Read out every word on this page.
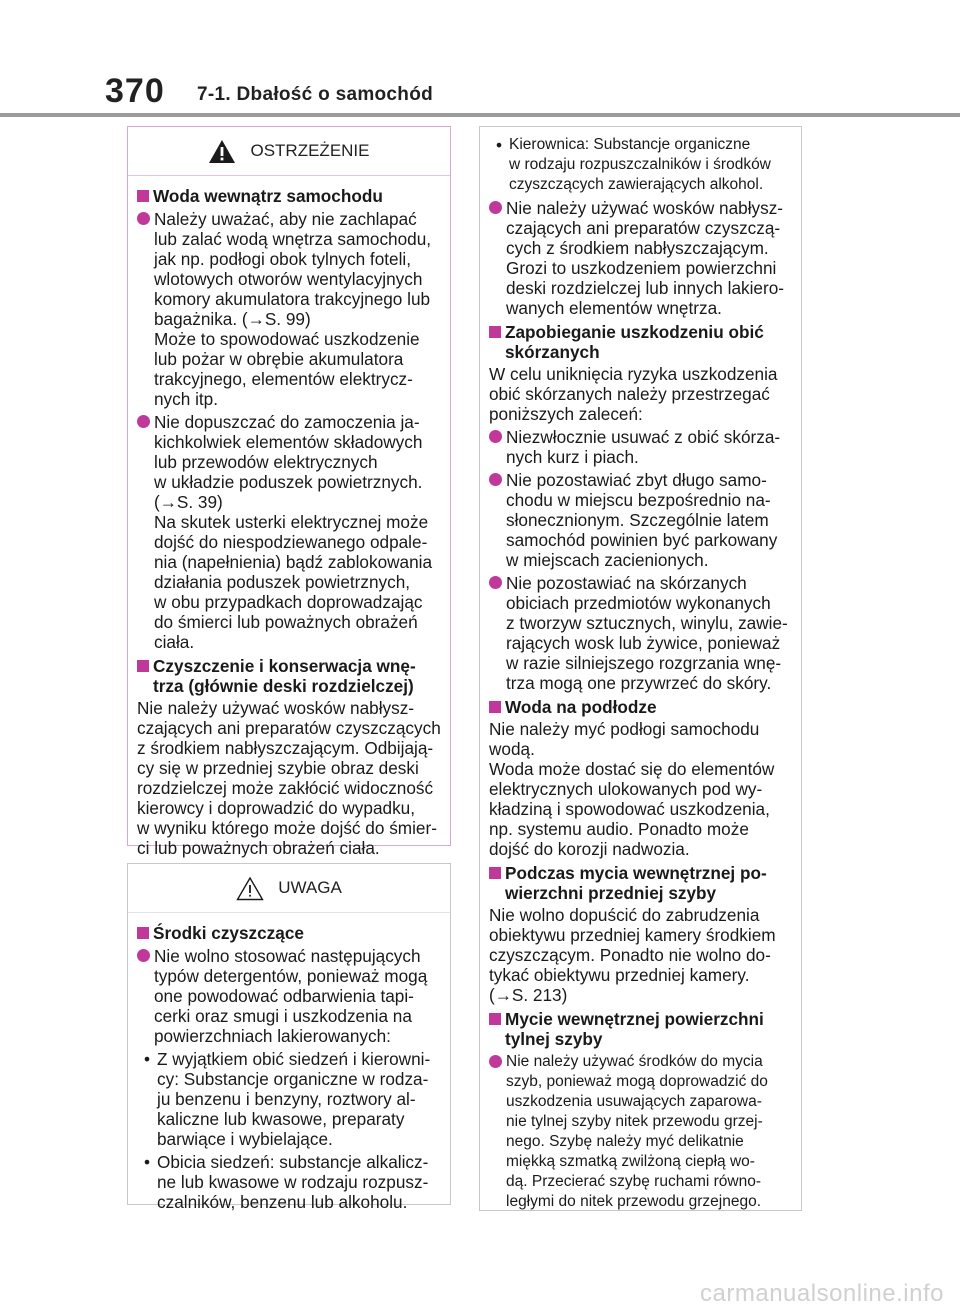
370 7-1. Dbałość o samochód
OSTRZEŻENIE
Woda wewnątrz samochodu
Należy uważać, aby nie zachlapać
lub zalać wodą wnętrza samochodu,
jak np. podłogi obok tylnych foteli,
wlotowych otworów wentylacyjnych
komory akumulatora trakcyjnego lub
bagażnika. (→S. 99)
Może to spowodować uszkodzenie
lub pożar w obrębie akumulatora
trakcyjnego, elementów elektrycz-
nych itp.
Nie dopuszczać do zamoczenia ja-
kichkolwiek elementów składowych
lub przewodów elektrycznych
w układzie poduszek powietrznych.
(→S. 39)
Na skutek usterki elektrycznej może
dojść do niespodziewanego odpale-
nia (napełnienia) bądź zablokowania
działania poduszek powietrznych,
w obu przypadkach doprowadzając
do śmierci lub poważnych obrażeń
ciała.
Czyszczenie i konserwacja wnę-
trza (głównie deski rozdzielczej)
Nie należy używać wosków nabłysz-
czających ani preparatów czyszczących
z środkiem nabłyszczającym. Odbijają-
cy się w przedniej szybie obraz deski
rozdzielczej może zakłócić widoczność
kierowcy i doprowadzić do wypadku,
w wyniku którego może dojść do śmier-
ci lub poważnych obrażeń ciała.
UWAGA
Środki czyszczące
Nie wolno stosować następujących
typów detergentów, ponieważ mogą
one powodować odbarwienia tapi-
cerki oraz smugi i uszkodzenia na
powierzchniach lakierowanych:
• Z wyjątkiem obić siedzeń i kierowni-
cy: Substancje organiczne w rodza-
ju benzenu i benzyny, roztwory al-
kaliczne lub kwasowe, preparaty
barwiące i wybielające.
• Obicia siedzeń: substancje alkalicz-
ne lub kwasowe w rodzaju rozpusz-
czalników, benzenu lub alkoholu.
• Kierownica: Substancje organiczne
w rodzaju rozpuszczalników i środków
czyszczących zawierających alkohol.
Nie należy używać wosków nabłysz-
czających ani preparatów czyszczą-
cych z środkiem nabłyszczającym.
Grozi to uszkodzeniem powierzchni
deski rozdzielczej lub innych lakiero-
wanych elementów wnętrza.
Zapobieganie uszkodzeniu obić
skórzanych
W celu uniknięcia ryzyka uszkodzenia
obić skórzanych należy przestrzegać
poniższych zaleceń:
Niezwłocznie usuwać z obić skórza-
nych kurz i piach.
Nie pozostawiać zbyt długo samo-
chodu w miejscu bezpośrednio na-
słonecznionym. Szczególnie latem
samochód powinien być parkowany
w miejscach zacienionych.
Nie pozostawiać na skórzanych
obiciach przedmiotów wykonanych
z tworzyw sztucznych, winylu, zawie-
rających wosk lub żywice, ponieważ
w razie silniejszego rozgrzania wnę-
trza mogą one przywrzeć do skóry.
Woda na podłodze
Nie należy myć podłogi samochodu
wodą.
Woda może dostać się do elementów
elektrycznych ulokowanych pod wy-
kładziną i spowodować uszkodzenia,
np. systemu audio. Ponadto może
dojść do korozji nadwozia.
Podczas mycia wewnętrznej po-
wierzchni przedniej szyby
Nie wolno dopuścić do zabrudzenia
obiektywu przedniej kamery środkiem
czyszczącym. Ponadto nie wolno do-
tykać obiektywu przedniej kamery.
(→S. 213)
Mycie wewnętrznej powierzchni
tylnej szyby
Nie należy używać środków do mycia
szyb, ponieważ mogą doprowadzić do
uszkodzenia usuwających zaparowa-
nie tylnej szyby nitek przewodu grzej-
nego. Szybę należy myć delikatnie
miękką szmatką zwilżoną ciepłą wo-
dą. Przecierać szybę ruchami równo-
ległymi do nitek przewodu grzejnego.
carmanualsonline.info
